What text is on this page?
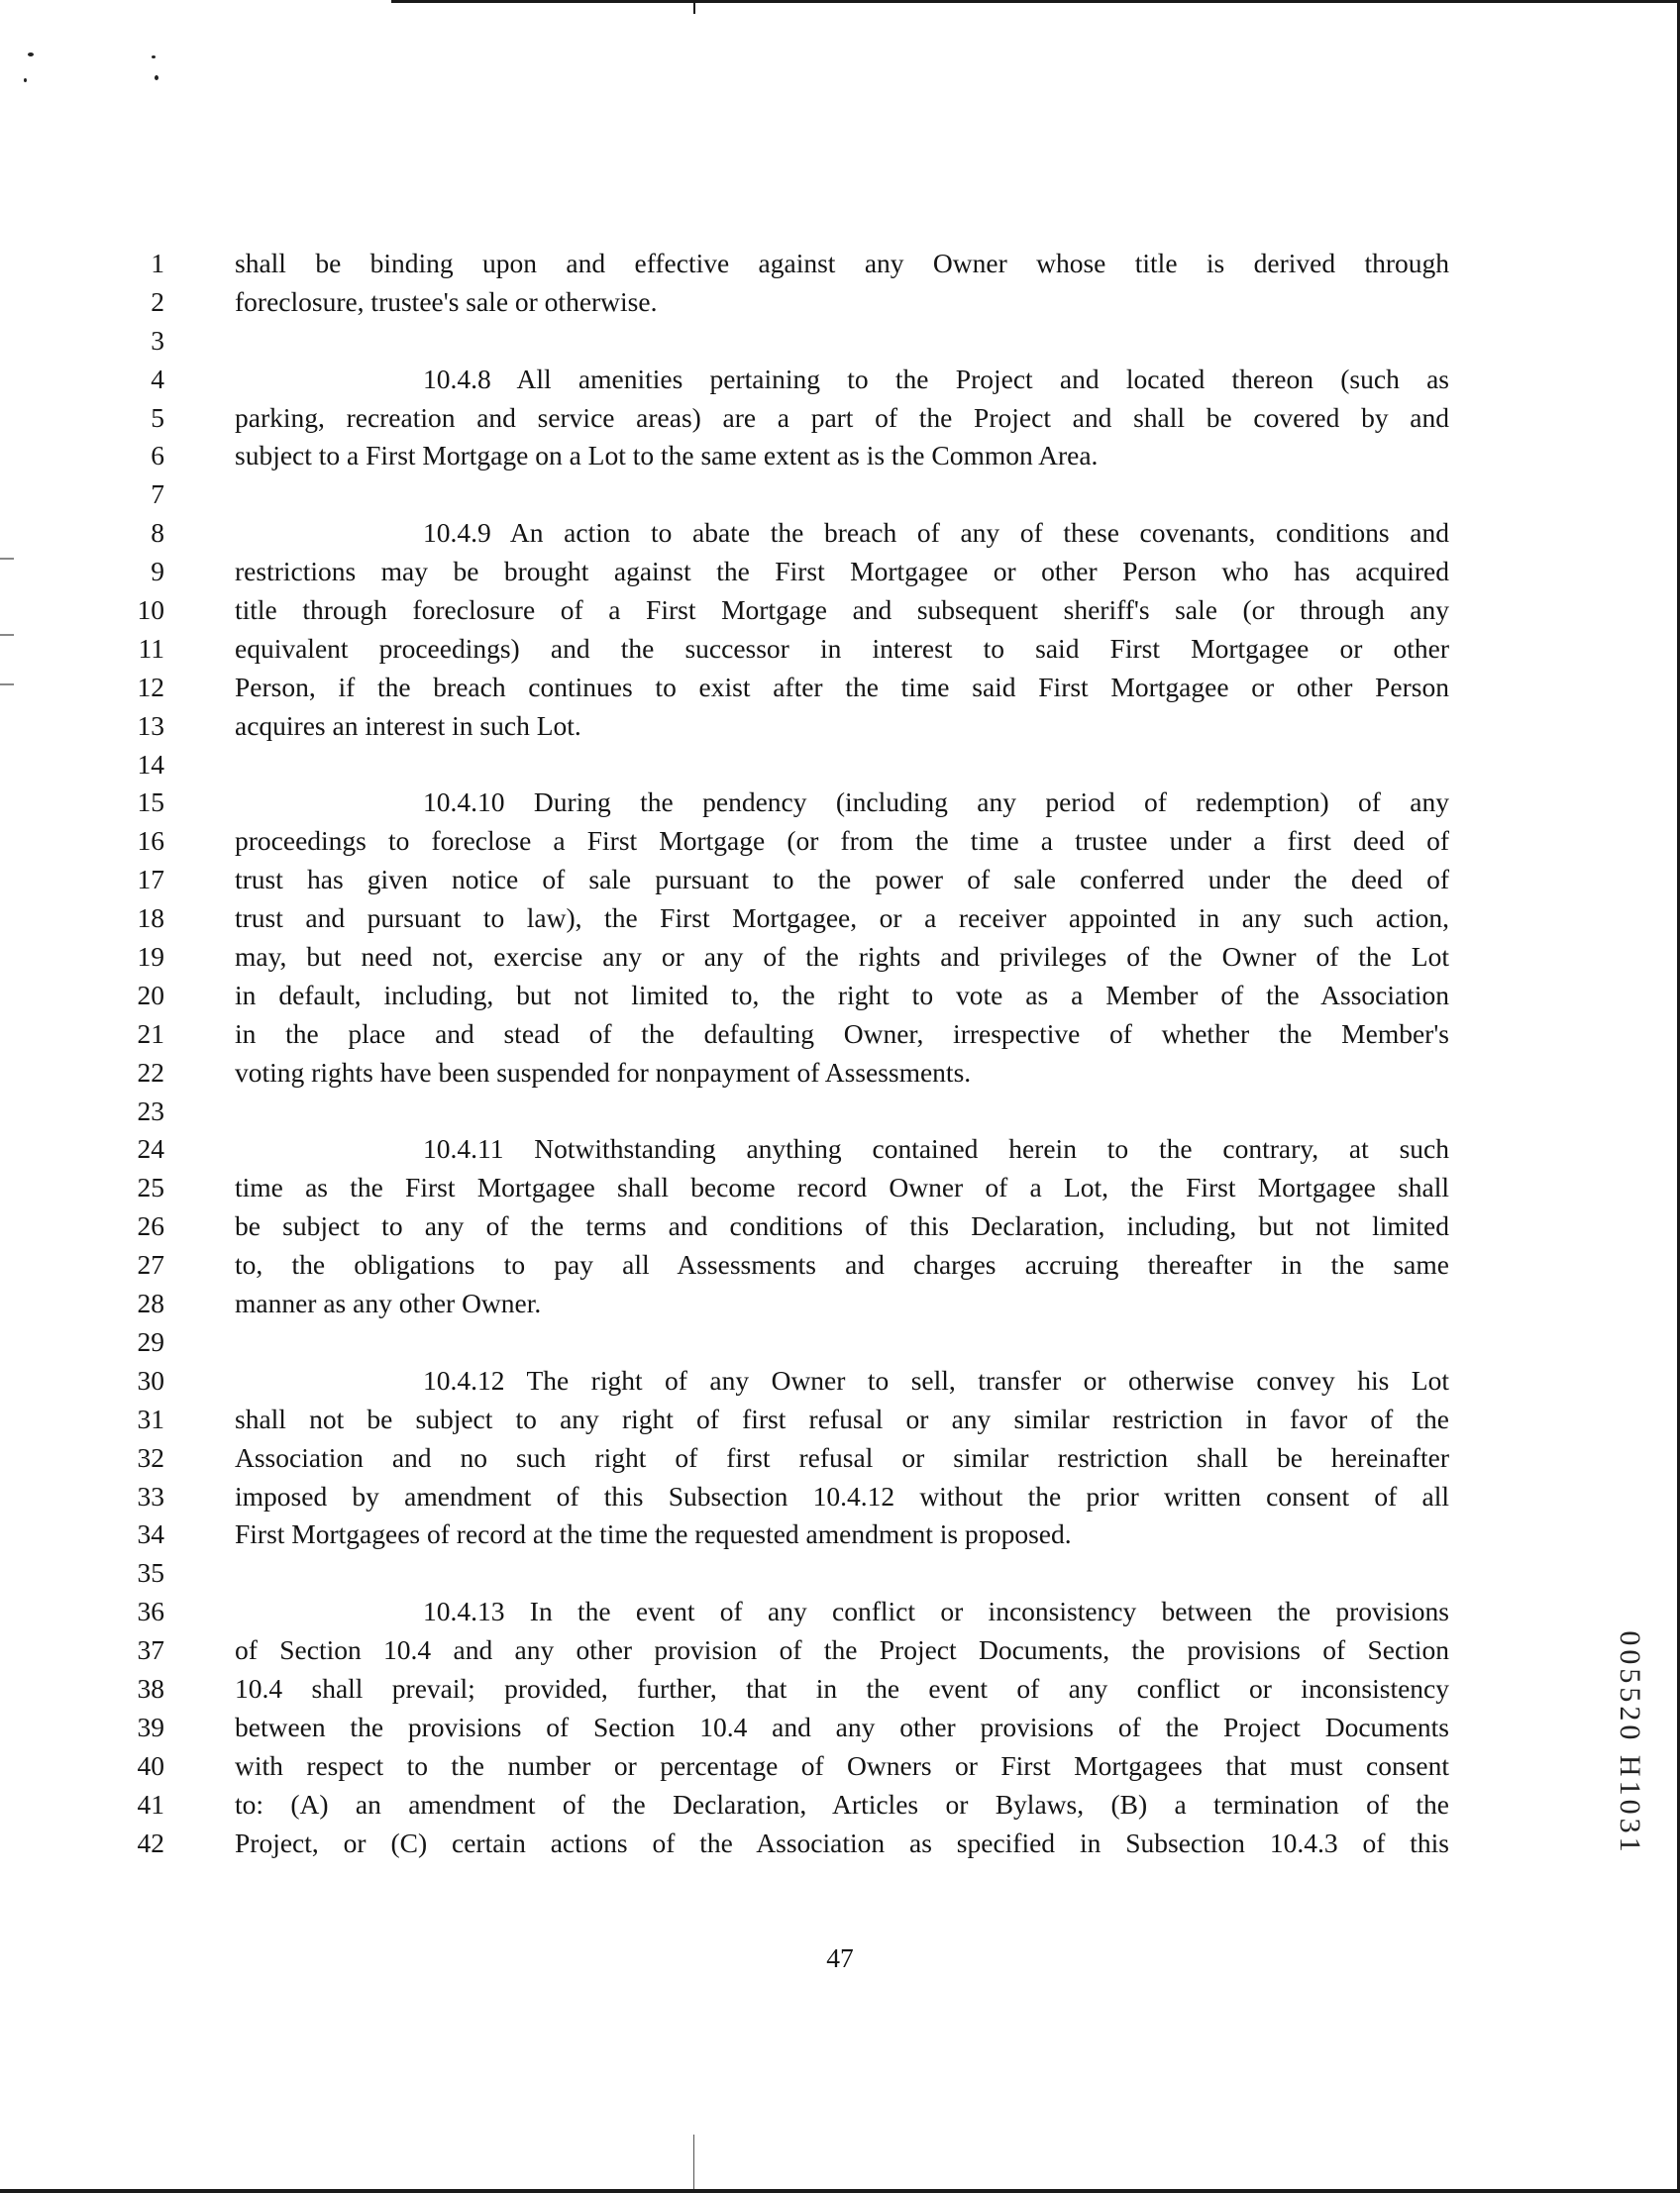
1	shall be binding upon and effective against any Owner whose title is derived through
2	foreclosure, trustee's sale or otherwise.
3
4	10.4.8 All amenities pertaining to the Project and located thereon (such as
5	parking, recreation and service areas) are a part of the Project and shall be covered by and
6	subject to a First Mortgage on a Lot to the same extent as is the Common Area.
7
8	10.4.9 An action to abate the breach of any of these covenants, conditions and
9	restrictions may be brought against the First Mortgagee or other Person who has acquired
10	title through foreclosure of a First Mortgage and subsequent sheriff's sale (or through any
11	equivalent proceedings) and the successor in interest to said First Mortgagee or other
12	Person, if the breach continues to exist after the time said First Mortgagee or other Person
13	acquires an interest in such Lot.
14
15	10.4.10 During the pendency (including any period of redemption) of any
16	proceedings to foreclose a First Mortgage (or from the time a trustee under a first deed of
17	trust has given notice of sale pursuant to the power of sale conferred under the deed of
18	trust and pursuant to law), the First Mortgagee, or a receiver appointed in any such action,
19	may, but need not, exercise any or any of the rights and privileges of the Owner of the Lot
20	in default, including, but not limited to, the right to vote as a Member of the Association
21	in the place and stead of the defaulting Owner, irrespective of whether the Member's
22	voting rights have been suspended for nonpayment of Assessments.
23
24	10.4.11 Notwithstanding anything contained herein to the contrary, at such
25	time as the First Mortgagee shall become record Owner of a Lot, the First Mortgagee shall
26	be subject to any of the terms and conditions of this Declaration, including, but not limited
27	to, the obligations to pay all Assessments and charges accruing thereafter in the same
28	manner as any other Owner.
29
30	10.4.12 The right of any Owner to sell, transfer or otherwise convey his Lot
31	shall not be subject to any right of first refusal or any similar restriction in favor of the
32	Association and no such right of first refusal or similar restriction shall be hereinafter
33	imposed by amendment of this Subsection 10.4.12 without the prior written consent of all
34	First Mortgagees of record at the time the requested amendment is proposed.
35
36	10.4.13 In the event of any conflict or inconsistency between the provisions
37	of Section 10.4 and any other provision of the Project Documents, the provisions of Section
38	10.4 shall prevail; provided, further, that in the event of any conflict or inconsistency
39	between the provisions of Section 10.4 and any other provisions of the Project Documents
40	with respect to the number or percentage of Owners or First Mortgagees that must consent
41	to: (A) an amendment of the Declaration, Articles or Bylaws, (B) a termination of the
42	Project, or (C) certain actions of the Association as specified in Subsection 10.4.3 of this
47
005520 H1031
